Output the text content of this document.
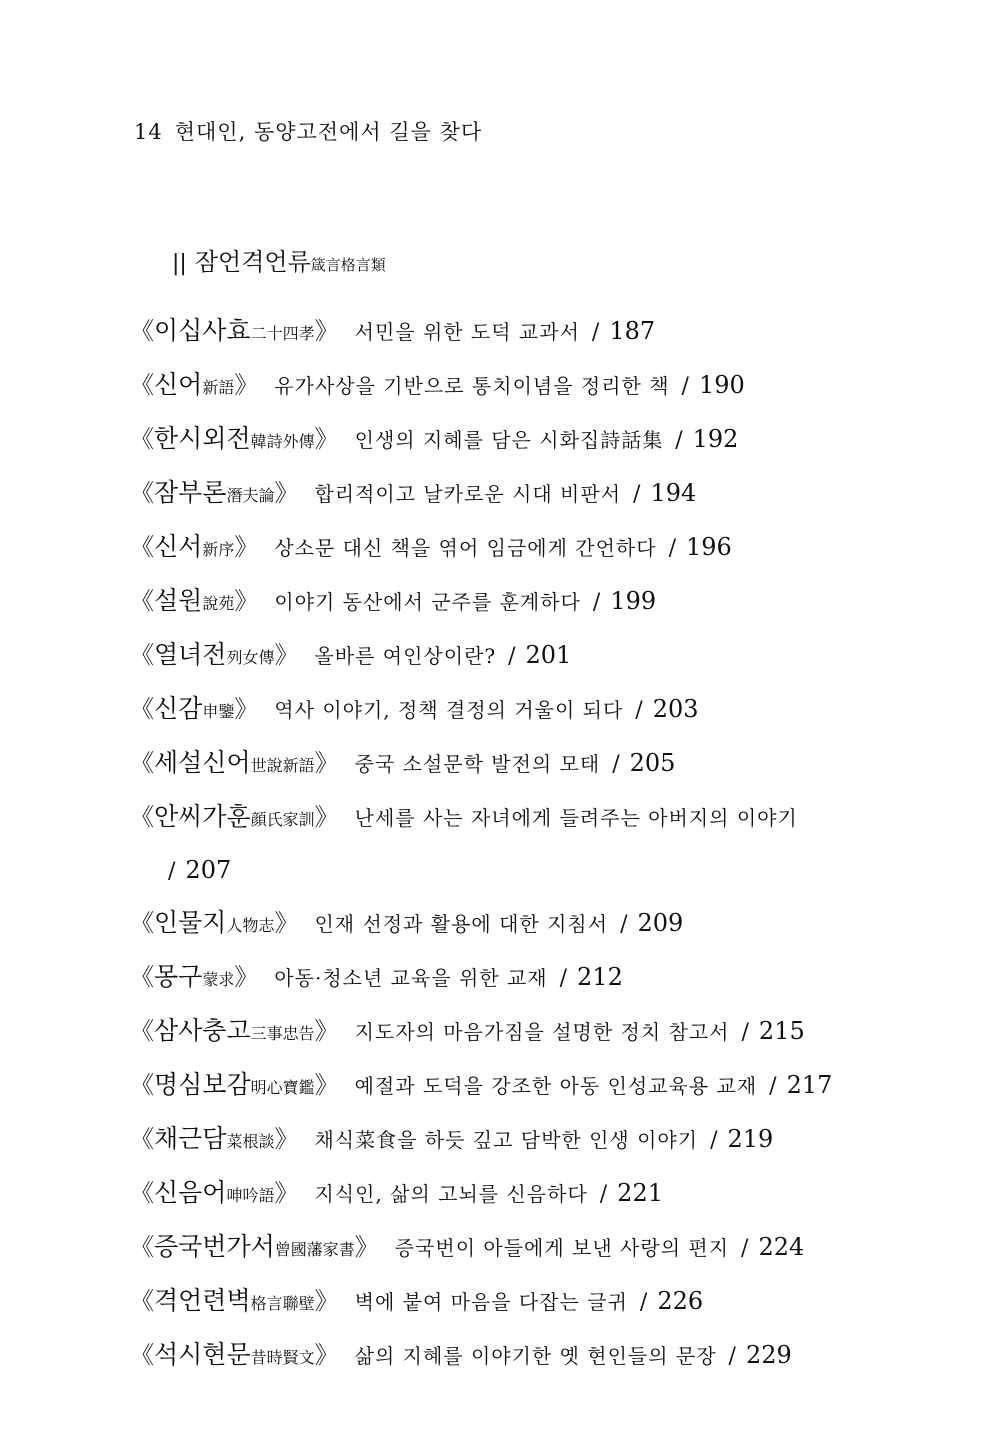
14 현대인, 동양고전에서 길을 찾다
|| 잠언격언류箴言格言類
《이십사효二十四孝》 서민을 위한 도덕 교과서 / 187
《신어新語》 유가사상을 기반으로 통치이념을 정리한 책 / 190
《한시외전韓詩外傳》 인생의 지혜를 담은 시화집詩話集 / 192
《잠부론潛夫論》 합리적이고 날카로운 시대 비판서 / 194
《신서新序》 상소문 대신 책을 엮어 임금에게 간언하다 / 196
《설원說苑》 이야기 동산에서 군주를 훈계하다 / 199
《열녀전列女傳》 올바른 여인상이란? / 201
《신감申鑒》 역사 이야기, 정책 결정의 거울이 되다 / 203
《세설신어世說新語》 중국 소설문학 발전의 모태 / 205
《안씨가훈顔氏家訓》 난세를 사는 자녀에게 들려주는 아버지의 이야기
/ 207
《인물지人物志》 인재 선정과 활용에 대한 지침서 / 209
《몽구蒙求》 아동·청소년 교육을 위한 교재 / 212
《삼사충고三事忠告》 지도자의 마음가짐을 설명한 정치 참고서 / 215
《명심보감明心寶鑑》 예절과 도덕을 강조한 아동 인성교육용 교재 / 217
《채근담菜根談》 채식菜食을 하듯 깊고 담박한 인생 이야기 / 219
《신음어呻吟語》 지식인, 삶의 고뇌를 신음하다 / 221
《증국번가서曾國藩家書》 증국번이 아들에게 보낸 사랑의 편지 / 224
《격언련벽格言聯壁》 벽에 붙여 마음을 다잡는 글귀 / 226
《석시현문昔時賢文》 삶의 지혜를 이야기한 옛 현인들의 문장 / 229
